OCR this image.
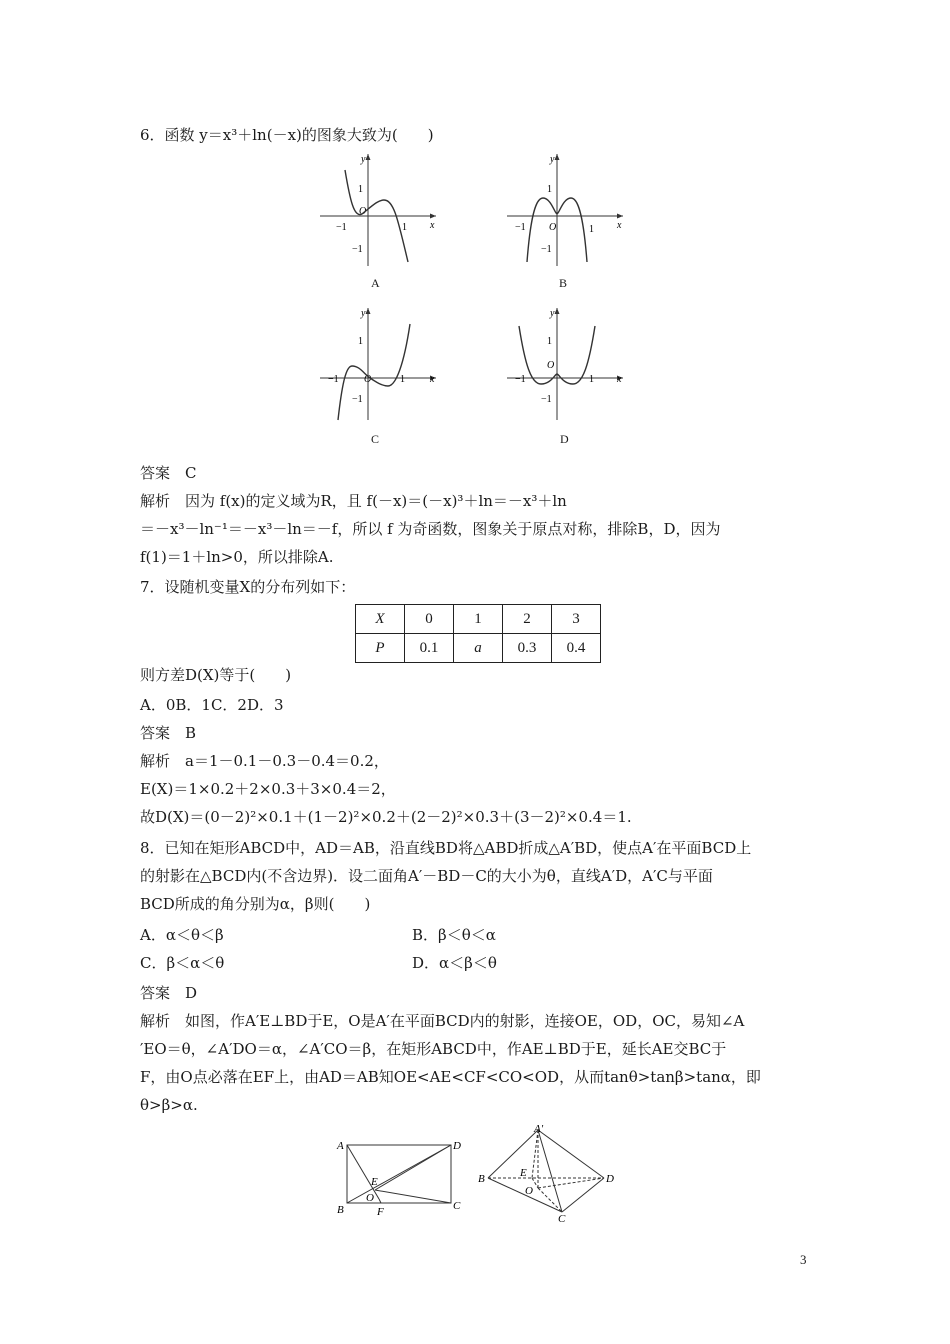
6．函数 y＝x³＋ln(－x)的图象大致为(　　)
y
x
1
−1
−1	1
O
A
y
x
1
−1
−1	1
O
B
y
x
1
−1
−1	1
O
C
y
x
1
O
−1
−1	1
D
答案　C
解析　因为 f(x)的定义域为R，且 f(－x)＝(－x)³＋ln＝－x³＋ln
＝－x³－ln⁻¹＝－x³－ln＝－f，所以 f 为奇函数，图象关于原点对称，排除B，D，因为
f(1)＝1＋ln>0，所以排除A.
7．设随机变量X的分布列如下：
X	0	1	2	3
P	0.1	a	0.3	0.4
则方差D(X)等于(　　)
A．0B．1C．2D．3
答案　B
解析　a＝1－0.1－0.3－0.4＝0.2，
E(X)＝1×0.2＋2×0.3＋3×0.4＝2，
故D(X)＝(0－2)²×0.1＋(1－2)²×0.2＋(2－2)²×0.3＋(3－2)²×0.4＝1.
8．已知在矩形ABCD中，AD＝AB，沿直线BD将△ABD折成△A′BD，使点A′在平面BCD上
的射影在△BCD内(不含边界)．设二面角A′－BD－C的大小为θ，直线A′D，A′C与平面
BCD所成的角分别为α，β则(　　)
A．α＜θ＜β	B．β＜θ＜α
C．β＜α＜θ	D．α＜β＜θ
答案　D
解析　如图，作A′E⊥BD于E，O是A′在平面BCD内的射影，连接OE，OD，OC，易知∠A
′EO＝θ，∠A′DO＝α，∠A′CO＝β，在矩形ABCD中，作AE⊥BD于E，延长AE交BC于
F，由O点必落在EF上，由AD＝AB知OE<AE<CF<CO<OD，从而tanθ>tanβ>tanα，即
θ>β>α.
A	D
E
O
B	F	C
A′
E
B
O
D
C
3
